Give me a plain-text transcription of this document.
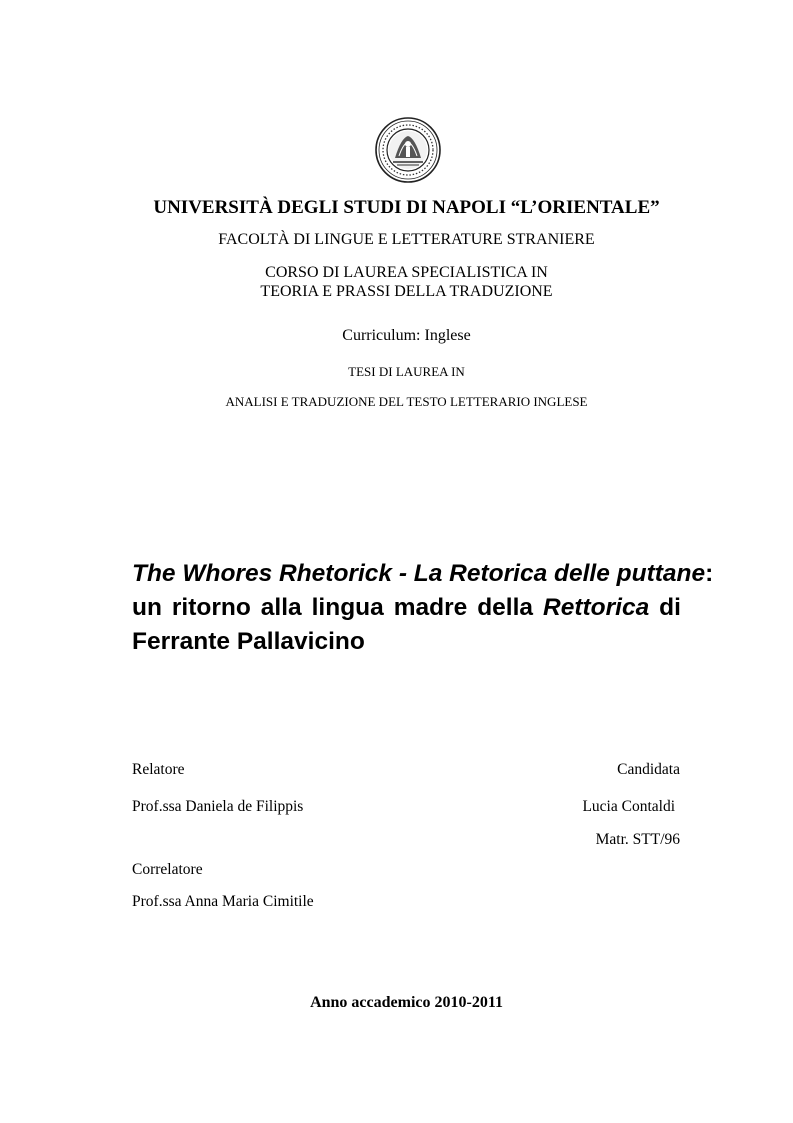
UNIVERSITÀ DEGLI STUDI DI NAPOLI “L’ORIENTALE”
FACOLTÀ DI LINGUE E LETTERATURE STRANIERE
CORSO DI LAUREA SPECIALISTICA IN
TEORIA E PRASSI DELLA TRADUZIONE
Curriculum: Inglese
TESI DI LAUREA IN
ANALISI E TRADUZIONE DEL TESTO LETTERARIO INGLESE
The Whores Rhetorick - La Retorica delle puttane:
un ritorno alla lingua madre della Rettorica di
Ferrante Pallavicino
Relatore	Candidata
Prof.ssa Daniela de Filippis	Lucia Contaldi
Matr. STT/96
Correlatore
Prof.ssa Anna Maria Cimitile
Anno accademico 2010-2011
